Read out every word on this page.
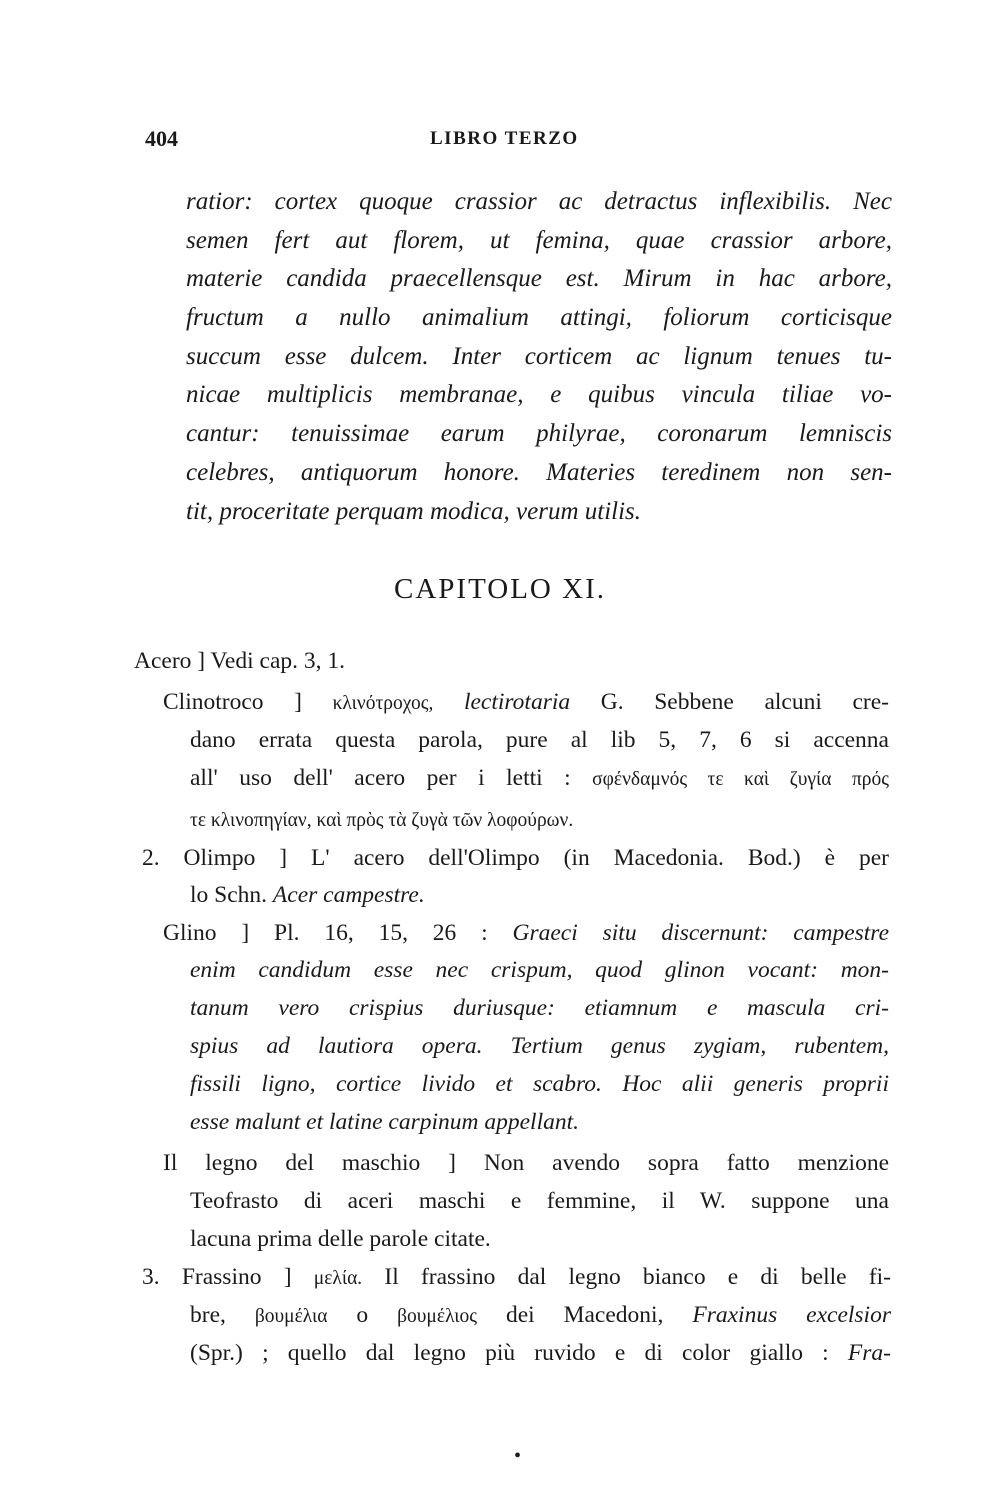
404	LIBRO TERZO
ratior: cortex quoque crassior ac detractus inflexibilis. Nec
semen fert aut florem, ut femina, quae crassior arbore,
materie candida praecellensque est. Mirum in hac arbore,
fructum a nullo animalium attingi, foliorum corticisque
succum esse dulcem. Inter corticem ac lignum tenues tu-
nicae multiplicis membranae, e quibus vincula tiliae vo-
cantur: tenuissimae earum philyrae, coronarum lemniscis
celebres, antiquorum honore. Materies teredinem non sen-
tit, proceritate perquam modica, verum utilis.
CAPITOLO XI.
Acero ] Vedi cap. 3, 1.
Clinotroco ] κλινότροχος, lectirotaria G. Sebbene alcuni cre-
dano errata questa parola, pure al lib 5, 7, 6 si accenna
all' uso dell' acero per i letti : σφένδαμνός τε καὶ ζυγία πρός
τε κλινοπηγίαν, καὶ πρὸς τὰ ζυγὰ τῶν λοφούρων.
2. Olimpo ] L' acero dell'Olimpo (in Macedonia. Bod.) è per
lo Schn. Acer campestre.
Glino ] Pl. 16, 15, 26 : Graeci situ discernunt: campestre
enim candidum esse nec crispum, quod glinon vocant: mon-
tanum vero crispius duriusque: etiamnum e mascula cri-
spius ad lautiora opera. Tertium genus zygiam, rubentem,
fissili ligno, cortice livido et scabro. Hoc alii generis proprii
esse malunt et latine carpinum appellant.
Il legno del maschio ] Non avendo sopra fatto menzione
Teofrasto di aceri maschi e femmine, il W. suppone una
lacuna prima delle parole citate.
3. Frassino ] μελία. Il frassino dal legno bianco e di belle fi-
bre, βουμέλια o βουμέλιος dei Macedoni, Fraxinus excelsior
(Spr.) ; quello dal legno più ruvido e di color giallo : Fra-
•
